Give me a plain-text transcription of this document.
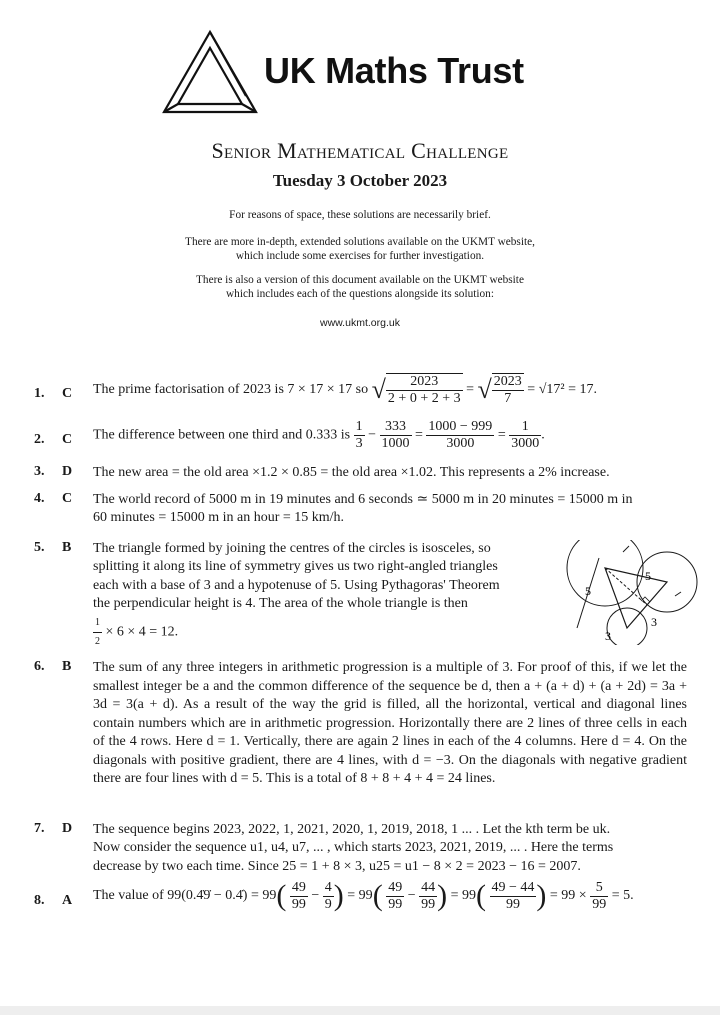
UK Maths Trust
Senior Mathematical Challenge
Tuesday 3 October 2023
For reasons of space, these solutions are necessarily brief.
There are more in-depth, extended solutions available on the UKMT website,
which include some exercises for further investigation.
There is also a version of this document available on the UKMT website
which includes each of the questions alongside its solution:
www.ukmt.org.uk
1. C The prime factorisation of 2023 is 7 × 17 × 17 so √ $\frac{2023}{2 + 0 + 2 + 3}$ = √ $\frac{2023}{7} = √17^2 = 17$.
2. C The difference between one third and 0.333 is $\frac{1}{3} - \frac{333}{1000} = \frac{1000 - 999}{3000} = \frac{1}{3000}$ .
3. D The new area = the old area ×1.2 × 0.85 = the old area ×1.02. This represents a 2% increase.
4. C The world record of 5000 m in 19 minutes and 6 seconds ≃ 5000 m in 20 minutes = 15000 m in
60 minutes = 15000 m in an hour = 15 km/h.
5. B The triangle formed by joining the centres of the circles is isosceles, so
splitting it along its line of symmetry gives us two right-angled triangles
each with a base of 3 and a hypotenuse of 5. Using Pythagoras' Theorem
the perpendicular height is 4. The area of the whole triangle is then
$\frac{1}{2} \times 6 \times 4 = 12$.
5
5
3
3
6. B The sum of any three integers in arithmetic progression is a multiple of 3. For proof of this, if we let the smallest integer be a and the common difference of the sequence be d, then a + (a + d) + (a + 2d) = 3a + 3d = 3(a + d). As a result of the way the grid is filled, all the horizontal, vertical and diagonal lines contain numbers which are in arithmetic progression. Horizontally there are 2 lines of three cells in each of the 4 rows. Here d = 1. Vertically, there are again 2 lines in each of the 4 columns. Here d = 4. On the diagonals with positive gradient, there are 4 lines, with d = −3. On the diagonals with negative gradient there are four lines with d = 5. This is a total of 8 + 8 + 4 + 4 = 24 lines.
7. D The sequence begins 2023, 2022, 1, 2021, 2020, 1, 2019, 2018, 1 ... . Let the kth term be uk.
Now consider the sequence u1, u4, u7, ... , which starts 2023, 2021, 2019, ... . Here the terms
decrease by two each time. Since 25 = 1 + 8 × 3, u25 = u1 − 8 × 2 = 2023 − 16 = 2007.
8. A The value of 99(0.4̇9̇ − 0.4̇) = $99( \frac{49}{99} - \frac{4}{9}$ ) = $99( \frac{49}{99} - \frac{44}{99}$ ) = $99( \frac{49 - 44}{99}$ ) = $99 \times \frac{5}{99} = 5$.
